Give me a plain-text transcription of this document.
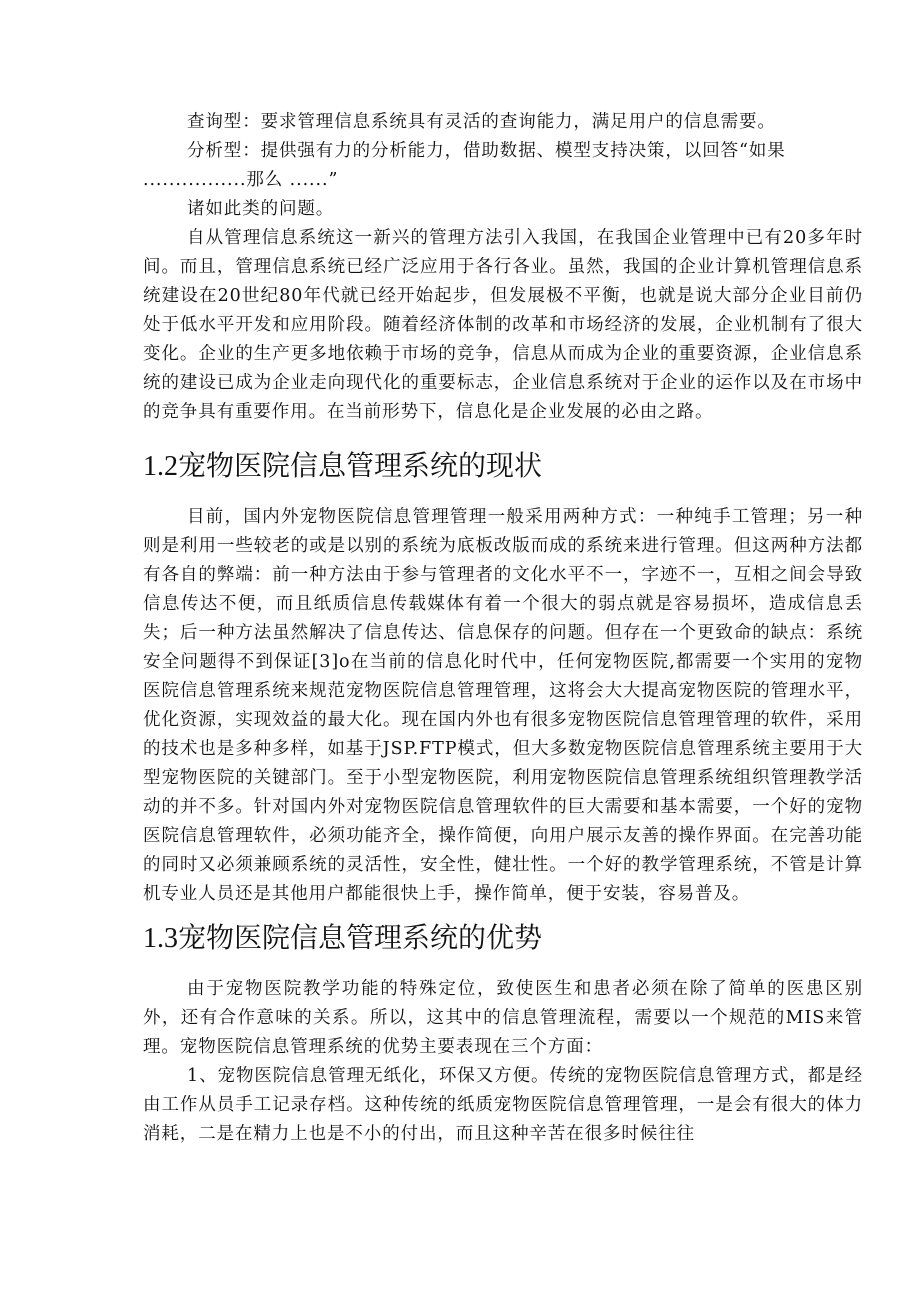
查询型：要求管理信息系统具有灵活的查询能力，满足用户的信息需要。

分析型：提供强有力的分析能力，借助数据、模型支持决策，以回答“如果

................那么 ......”

诸如此类的问题。

自从管理信息系统这一新兴的管理方法引入我国，在我国企业管理中已有20多年时间。而且，管理信息系统已经广泛应用于各行各业。虽然，我国的企业计算机管理信息系统建设在20世纪80年代就已经开始起步，但发展极不平衡，也就是说大部分企业目前仍处于低水平开发和应用阶段。随着经济体制的改革和市场经济的发展，企业机制有了很大变化。企业的生产更多地依赖于市场的竞争，信息从而成为企业的重要资源，企业信息系统的建设已成为企业走向现代化的重要标志，企业信息系统对于企业的运作以及在市场中的竞争具有重要作用。在当前形势下，信息化是企业发展的必由之路。

1.2宠物医院信息管理系统的现状

目前，国内外宠物医院信息管理管理一般采用两种方式：一种纯手工管理；另一种则是利用一些较老的或是以别的系统为底板改版而成的系统来进行管理。但这两种方法都有各自的弊端：前一种方法由于参与管理者的文化水平不一，字迹不一，互相之间会导致信息传达不便，而且纸质信息传载媒体有着一个很大的弱点就是容易损坏，造成信息丢失；后一种方法虽然解决了信息传达、信息保存的问题。但存在一个更致命的缺点：系统安全问题得不到保证[3]o在当前的信息化时代中，任何宠物医院,都需要一个实用的宠物医院信息管理系统来规范宠物医院信息管理管理，这将会大大提高宠物医院的管理水平，优化资源，实现效益的最大化。现在国内外也有很多宠物医院信息管理管理的软件，采用的技术也是多种多样，如基于JSP.FTP模式，但大多数宠物医院信息管理系统主要用于大型宠物医院的关键部门。至于小型宠物医院，利用宠物医院信息管理系统组织管理教学活动的并不多。针对国内外对宠物医院信息管理软件的巨大需要和基本需要，一个好的宠物医院信息管理软件，必须功能齐全，操作简便，向用户展示友善的操作界面。在完善功能的同时又必须兼顾系统的灵活性，安全性，健壮性。一个好的教学管理系统，不管是计算机专业人员还是其他用户都能很快上手，操作简单，便于安装，容易普及。

1.3宠物医院信息管理系统的优势

由于宠物医院教学功能的特殊定位，致使医生和患者必须在除了简单的医患区别外，还有合作意味的关系。所以，这其中的信息管理流程，需要以一个规范的MIS来管理。宠物医院信息管理系统的优势主要表现在三个方面：

1、宠物医院信息管理无纸化，环保又方便。传统的宠物医院信息管理方式，都是经由工作从员手工记录存档。这种传统的纸质宠物医院信息管理管理，一是会有很大的体力消耗，二是在精力上也是不小的付出，而且这种辛苦在很多时候往往
